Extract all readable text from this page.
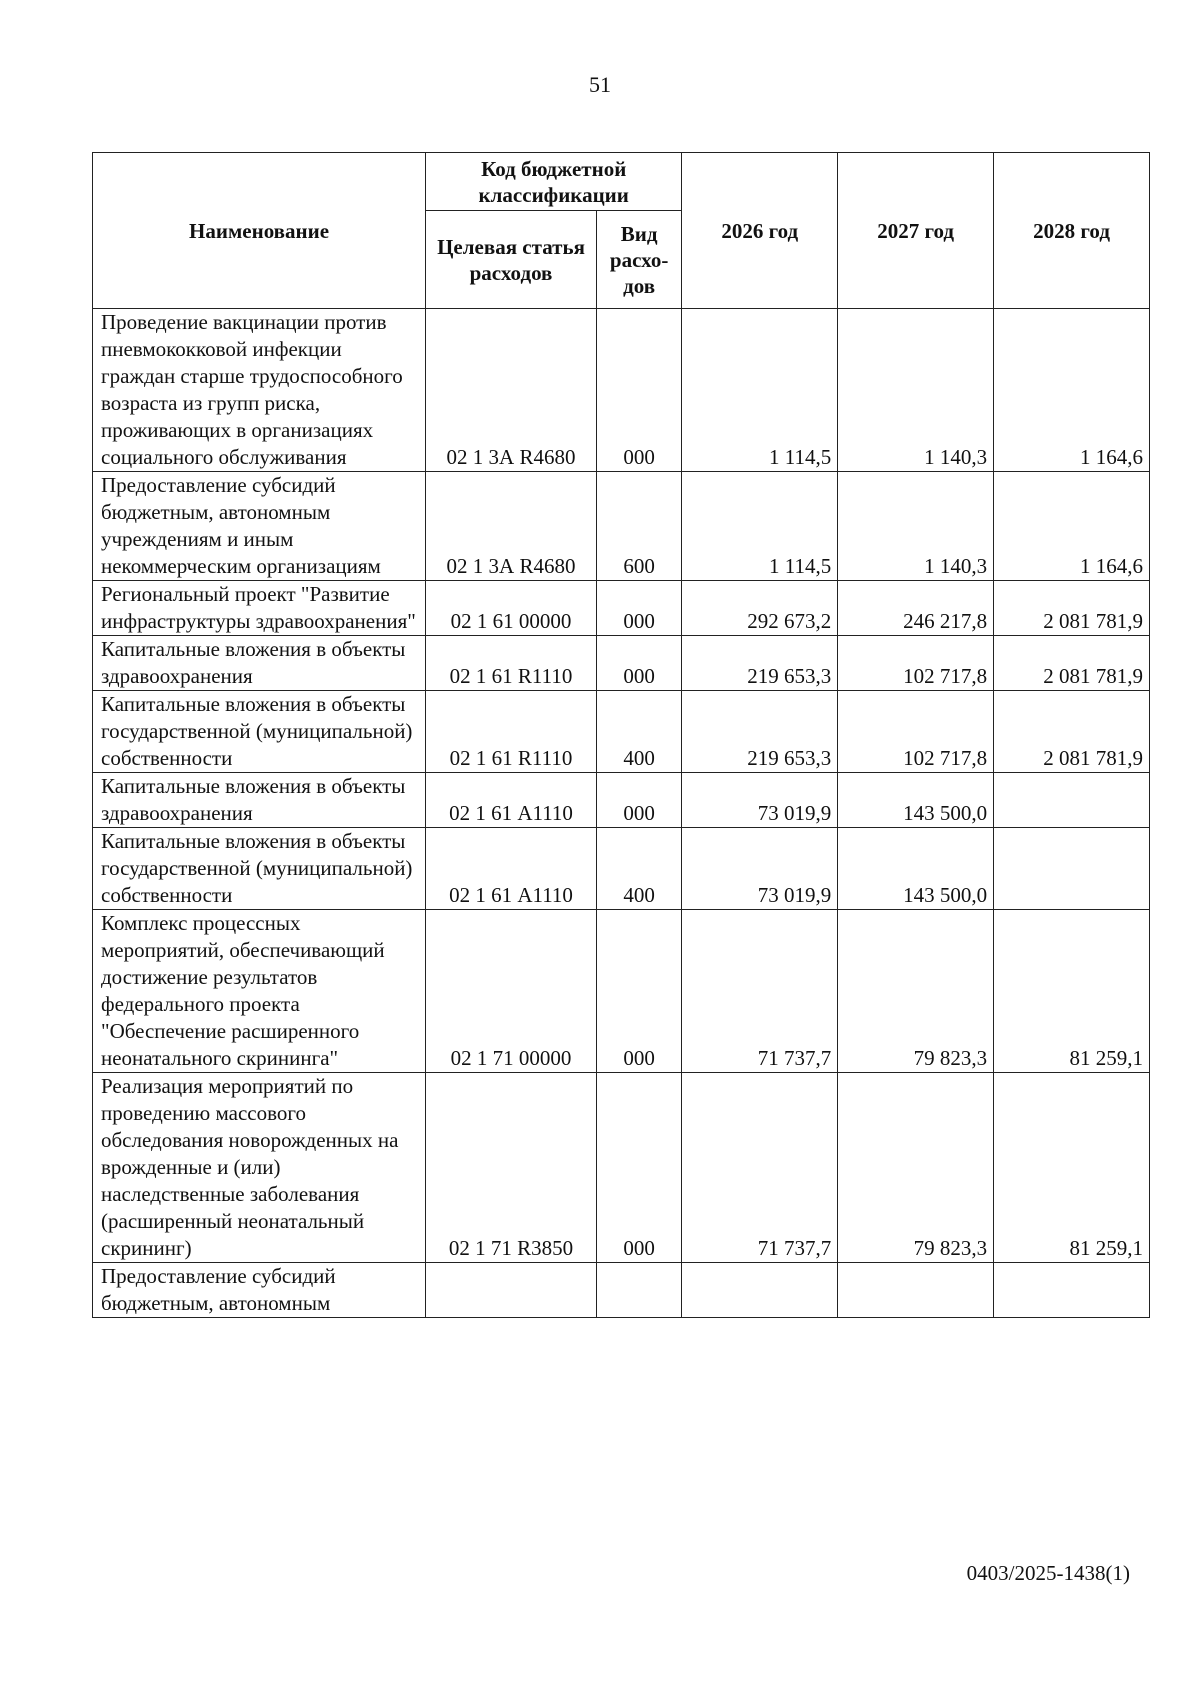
51
Наименование	Код бюджетной классификации		2026 год	2027 год	2028 год
	Целевая статья расходов	Вид расхо-дов			
Проведение вакцинации против пневмококковой инфекции граждан старше трудоспособного возраста из групп риска, проживающих в организациях социального обслуживания	02 1 3А R4680	000	1 114,5	1 140,3	1 164,6
Предоставление субсидий бюджетным, автономным учреждениям и иным некоммерческим организациям	02 1 3А R4680	600	1 114,5	1 140,3	1 164,6
Региональный проект "Развитие инфраструктуры здравоохранения"	02 1 61 00000	000	292 673,2	246 217,8	2 081 781,9
Капитальные вложения в объекты здравоохранения	02 1 61 R1110	000	219 653,3	102 717,8	2 081 781,9
Капитальные вложения в объекты государственной (муниципальной) собственности	02 1 61 R1110	400	219 653,3	102 717,8	2 081 781,9
Капитальные вложения в объекты здравоохранения	02 1 61 А1110	000	73 019,9	143 500,0	
Капитальные вложения в объекты государственной (муниципальной) собственности	02 1 61 А1110	400	73 019,9	143 500,0	
Комплекс процессных мероприятий, обеспечивающий достижение результатов федерального проекта "Обеспечение расширенного неонатального скрининга"	02 1 71 00000	000	71 737,7	79 823,3	81 259,1
Реализация мероприятий по проведению массового обследования новорожденных на врожденные и (или) наследственные заболевания (расширенный неонатальный скрининг)	02 1 71 R3850	000	71 737,7	79 823,3	81 259,1
Предоставление субсидий бюджетным, автономным					
0403/2025-1438(1)
